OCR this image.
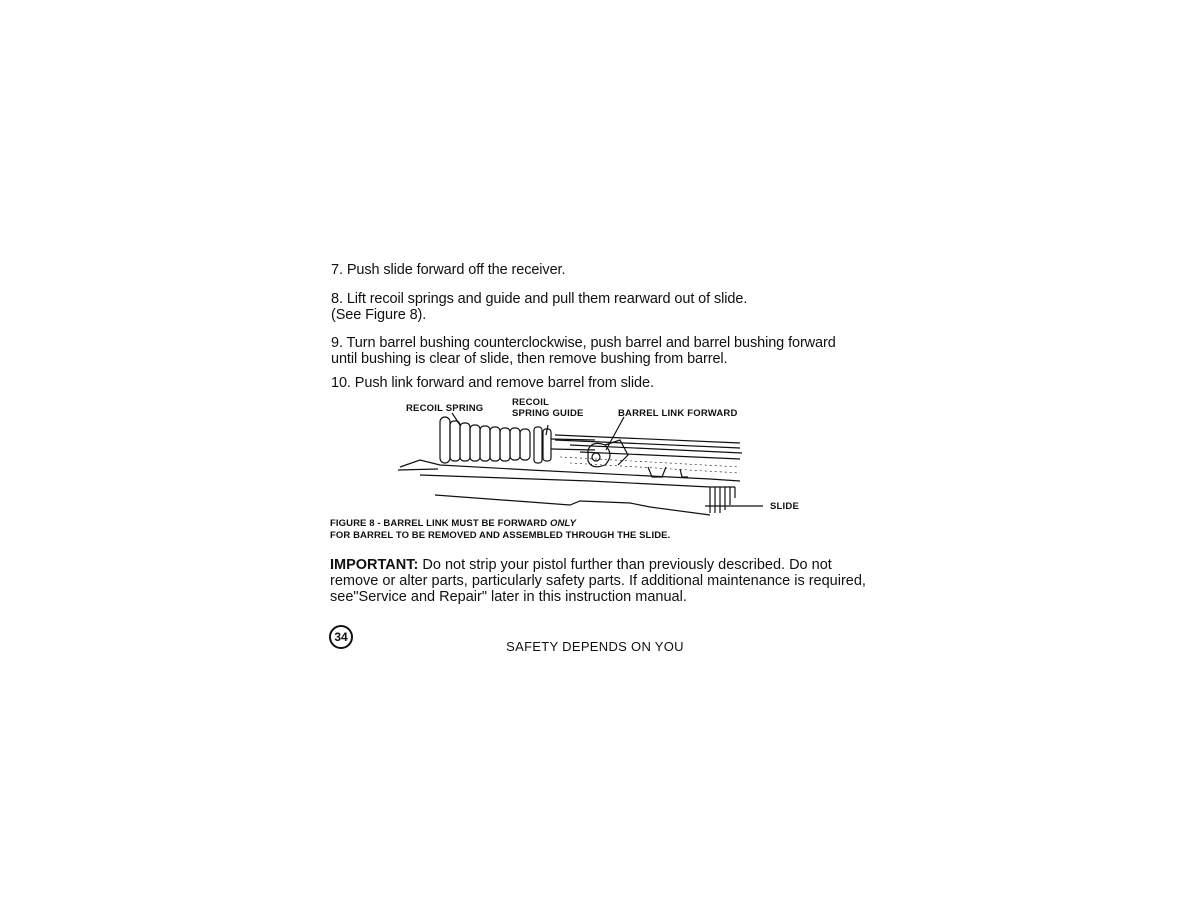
7. Push slide forward off the receiver.

8. Lift recoil springs and guide and pull them rearward out of slide.
(See Figure 8).

9. Turn barrel bushing counterclockwise, push barrel and barrel bushing forward
until bushing is clear of slide, then remove bushing from barrel.

10. Push link forward and remove barrel from slide.

RECOIL SPRING
RECOIL
SPRING GUIDE	BARREL LINK FORWARD
SLIDE
FIGURE 8 - BARREL LINK MUST BE FORWARD ONLY
FOR BARREL TO BE REMOVED AND ASSEMBLED THROUGH THE SLIDE.

IMPORTANT: Do not strip your pistol further than previously described. Do not remove or alter parts, particularly safety parts. If additional maintenance is required, see"Service and Repair" later in this instruction manual.

34
SAFETY DEPENDS ON YOU
